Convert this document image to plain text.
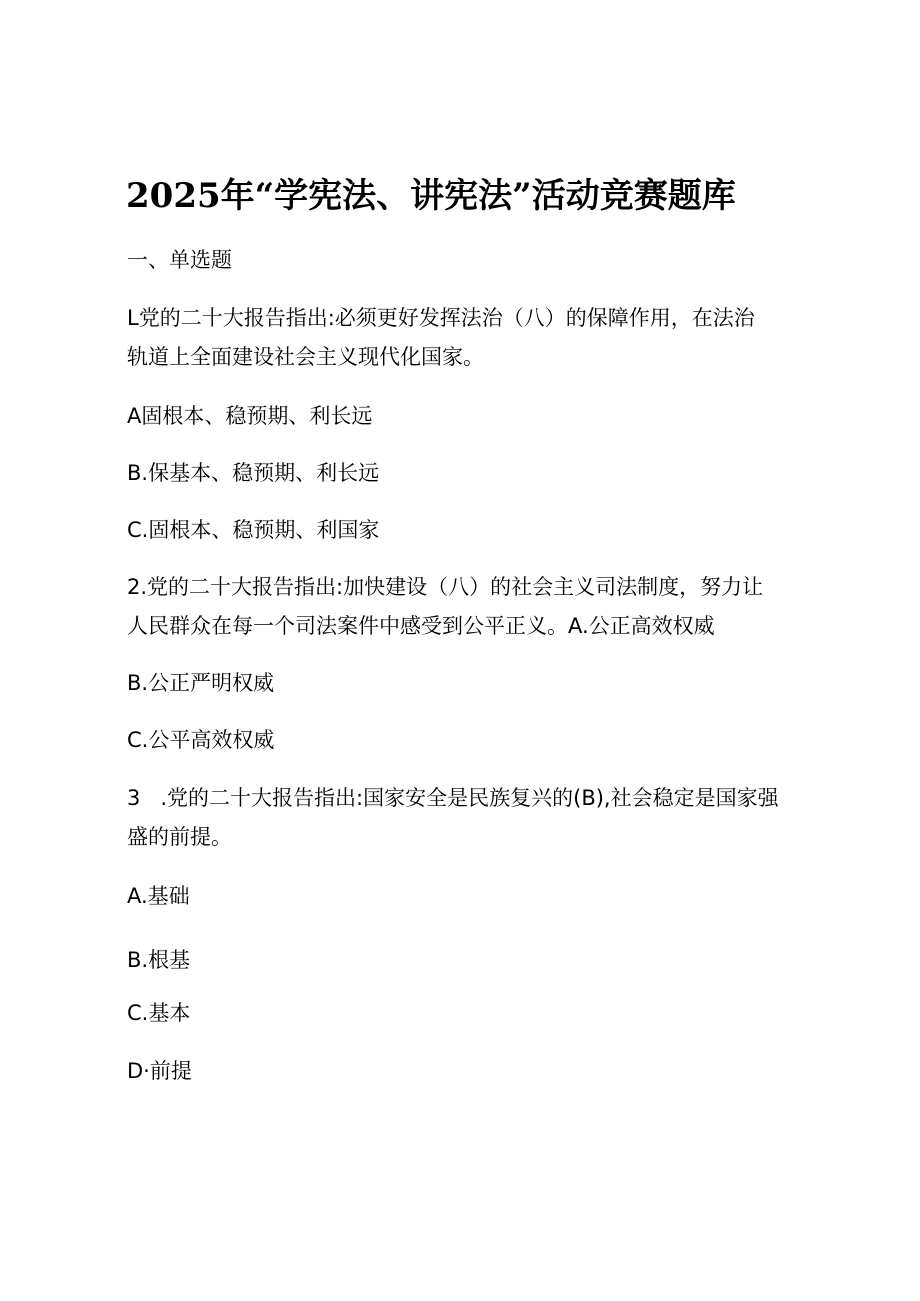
2025年“学宪法、讲宪法”活动竞赛题库
一、单选题
L党的二十大报告指出:必须更好发挥法治（八）的保障作用，在法治
轨道上全面建设社会主义现代化国家。
A固根本、稳预期、利长远
B.保基本、稳预期、利长远
C.固根本、稳预期、利国家
2.党的二十大报告指出:加快建设（八）的社会主义司法制度，努力让
人民群众在每一个司法案件中感受到公平正义。A.公正高效权威
B.公正严明权威
C.公平高效权威
3   .党的二十大报告指出:国家安全是民族复兴的(B),社会稳定是国家强
盛的前提。
A.基础
B.根基
C.基本
D·前提
